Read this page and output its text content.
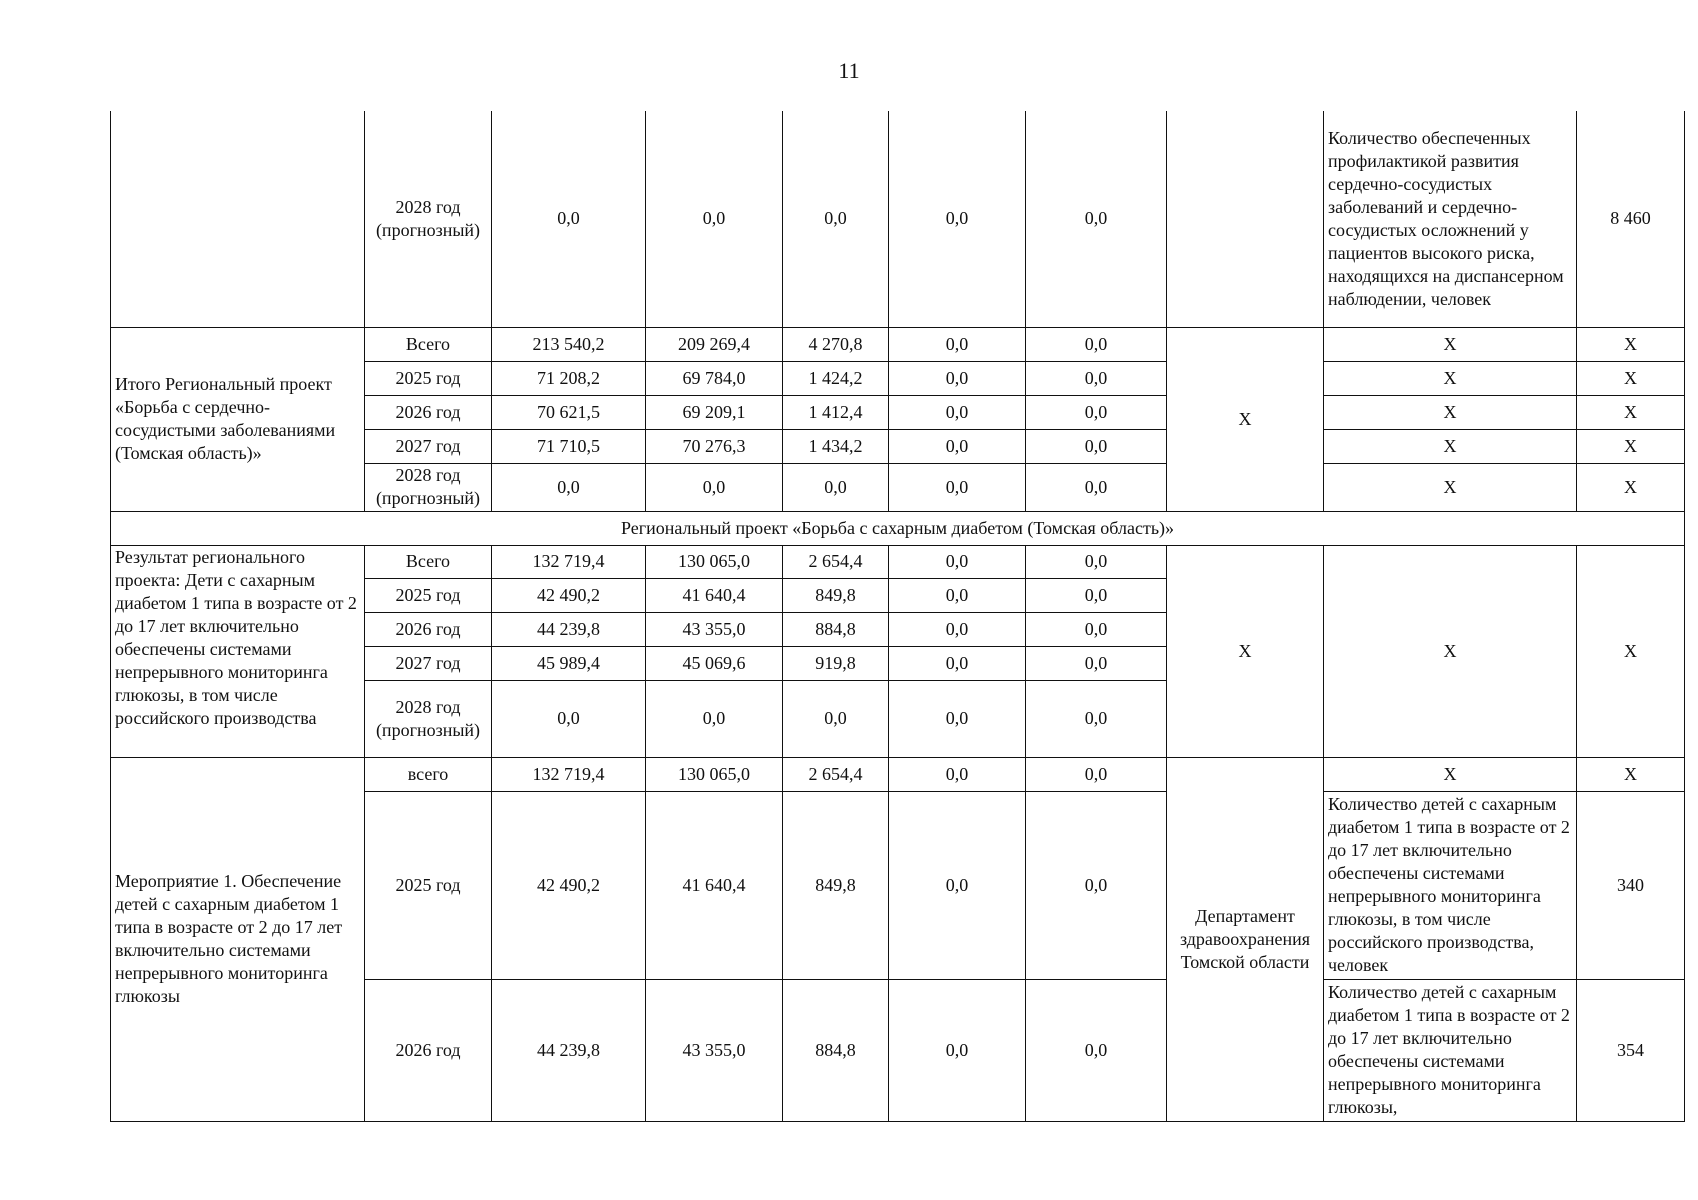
11
	2028 год (прогнозный)	0,0	0,0	0,0	0,0	0,0		Количество обеспеченных профилактикой развития сердечно-сосудистых заболеваний и сердечно-сосудистых осложнений у пациентов высокого риска, находящихся на диспансерном наблюдении, человек	8 460
Итого Региональный проект «Борьба с сердечно-сосудистыми заболеваниями (Томская область)»	Всего	213 540,2	209 269,4	4 270,8	0,0	0,0	Х	Х	Х
	2025 год	71 208,2	69 784,0	1 424,2	0,0	0,0		Х	Х
	2026 год	70 621,5	69 209,1	1 412,4	0,0	0,0		Х	Х
	2027 год	71 710,5	70 276,3	1 434,2	0,0	0,0		Х	Х
	2028 год (прогнозный)	0,0	0,0	0,0	0,0	0,0		Х	Х
Региональный проект «Борьба с сахарным диабетом (Томская область)»									
Результат регионального проекта: Дети с сахарным диабетом 1 типа в возрасте от 2 до 17 лет включительно обеспечены системами непрерывного мониторинга глюкозы, в том числе российского производства	Всего	132 719,4	130 065,0	2 654,4	0,0	0,0	Х	Х	Х
	2025 год	42 490,2	41 640,4	849,8	0,0	0,0			
	2026 год	44 239,8	43 355,0	884,8	0,0	0,0			
	2027 год	45 989,4	45 069,6	919,8	0,0	0,0			
	2028 год (прогнозный)	0,0	0,0	0,0	0,0	0,0			
Мероприятие 1. Обеспечение детей с сахарным диабетом 1 типа в возрасте от 2 до 17 лет включительно системами непрерывного мониторинга глюкозы	всего	132 719,4	130 065,0	2 654,4	0,0	0,0	Департамент здравоохранения Томской области	Х	Х
	2025 год	42 490,2	41 640,4	849,8	0,0	0,0		Количество детей с сахарным диабетом 1 типа в возрасте от 2 до 17 лет включительно обеспечены системами непрерывного мониторинга глюкозы, в том числе российского производства, человек	340
	2026 год	44 239,8	43 355,0	884,8	0,0	0,0		Количество детей с сахарным диабетом 1 типа в возрасте от 2 до 17 лет включительно обеспечены системами непрерывного мониторинга глюкозы,	354
